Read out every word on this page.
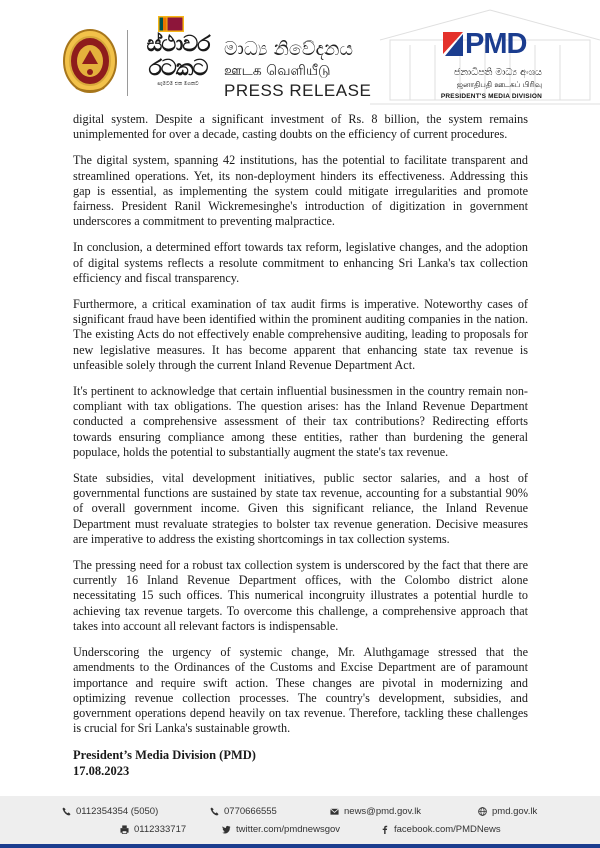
ස්ථාවර
රටකට
සැමටම එක මගකට
මාධ්‍ය නිවේදනය
ஊடக வெளியீடு
PRESS RELEASE
PMD
ජනාධිපති මාධ්‍ය අංශය
ஜனாதிபதி ஊடகப் பிரிவு
PRESIDENT'S MEDIA DIVISION

digital system. Despite a significant investment of Rs. 8 billion, the system remains unimplemented for over a decade, casting doubts on the efficiency of current procedures.

The digital system, spanning 42 institutions, has the potential to facilitate transparent and streamlined operations. Yet, its non-deployment hinders its effectiveness. Addressing this gap is essential, as implementing the system could mitigate irregularities and promote fairness. President Ranil Wickremesinghe's introduction of digitization in government underscores a commitment to preventing malpractice.

In conclusion, a determined effort towards tax reform, legislative changes, and the adoption of digital systems reflects a resolute commitment to enhancing Sri Lanka's tax collection efficiency and fiscal transparency.

Furthermore, a critical examination of tax audit firms is imperative. Noteworthy cases of significant fraud have been identified within the prominent auditing companies in the nation. The existing Acts do not effectively enable comprehensive auditing, leading to proposals for new legislative measures. It has become apparent that enhancing state tax revenue is unfeasible solely through the current Inland Revenue Department Act.

It's pertinent to acknowledge that certain influential businessmen in the country remain non-compliant with tax obligations. The question arises: has the Inland Revenue Department conducted a comprehensive assessment of their tax contributions? Redirecting efforts towards ensuring compliance among these entities, rather than burdening the general populace, holds the potential to substantially augment the state's tax revenue.

State subsidies, vital development initiatives, public sector salaries, and a host of governmental functions are sustained by state tax revenue, accounting for a substantial 90% of overall government income. Given this significant reliance, the Inland Revenue Department must revaluate strategies to bolster tax revenue generation. Decisive measures are imperative to address the existing shortcomings in tax collection systems.

The pressing need for a robust tax collection system is underscored by the fact that there are currently 16 Inland Revenue Department offices, with the Colombo district alone necessitating 15 such offices. This numerical incongruity illustrates a potential hurdle to achieving tax revenue targets. To overcome this challenge, a comprehensive approach that takes into account all relevant factors is indispensable.

Underscoring the urgency of systemic change, Mr. Aluthgamage stressed that the amendments to the Ordinances of the Customs and Excise Department are of paramount importance and require swift action. These changes are pivotal in modernizing and optimizing revenue collection processes. The country's development, subsidies, and government operations depend heavily on tax revenue. Therefore, tackling these challenges is crucial for Sri Lanka's sustainable growth.

President’s Media Division (PMD)
17.08.2023
0112354354 (5050)	0770666555	news@pmd.gov.lk	pmd.gov.lk
0112333717	twitter.com/pmdnewsgov	facebook.com/PMDNews
